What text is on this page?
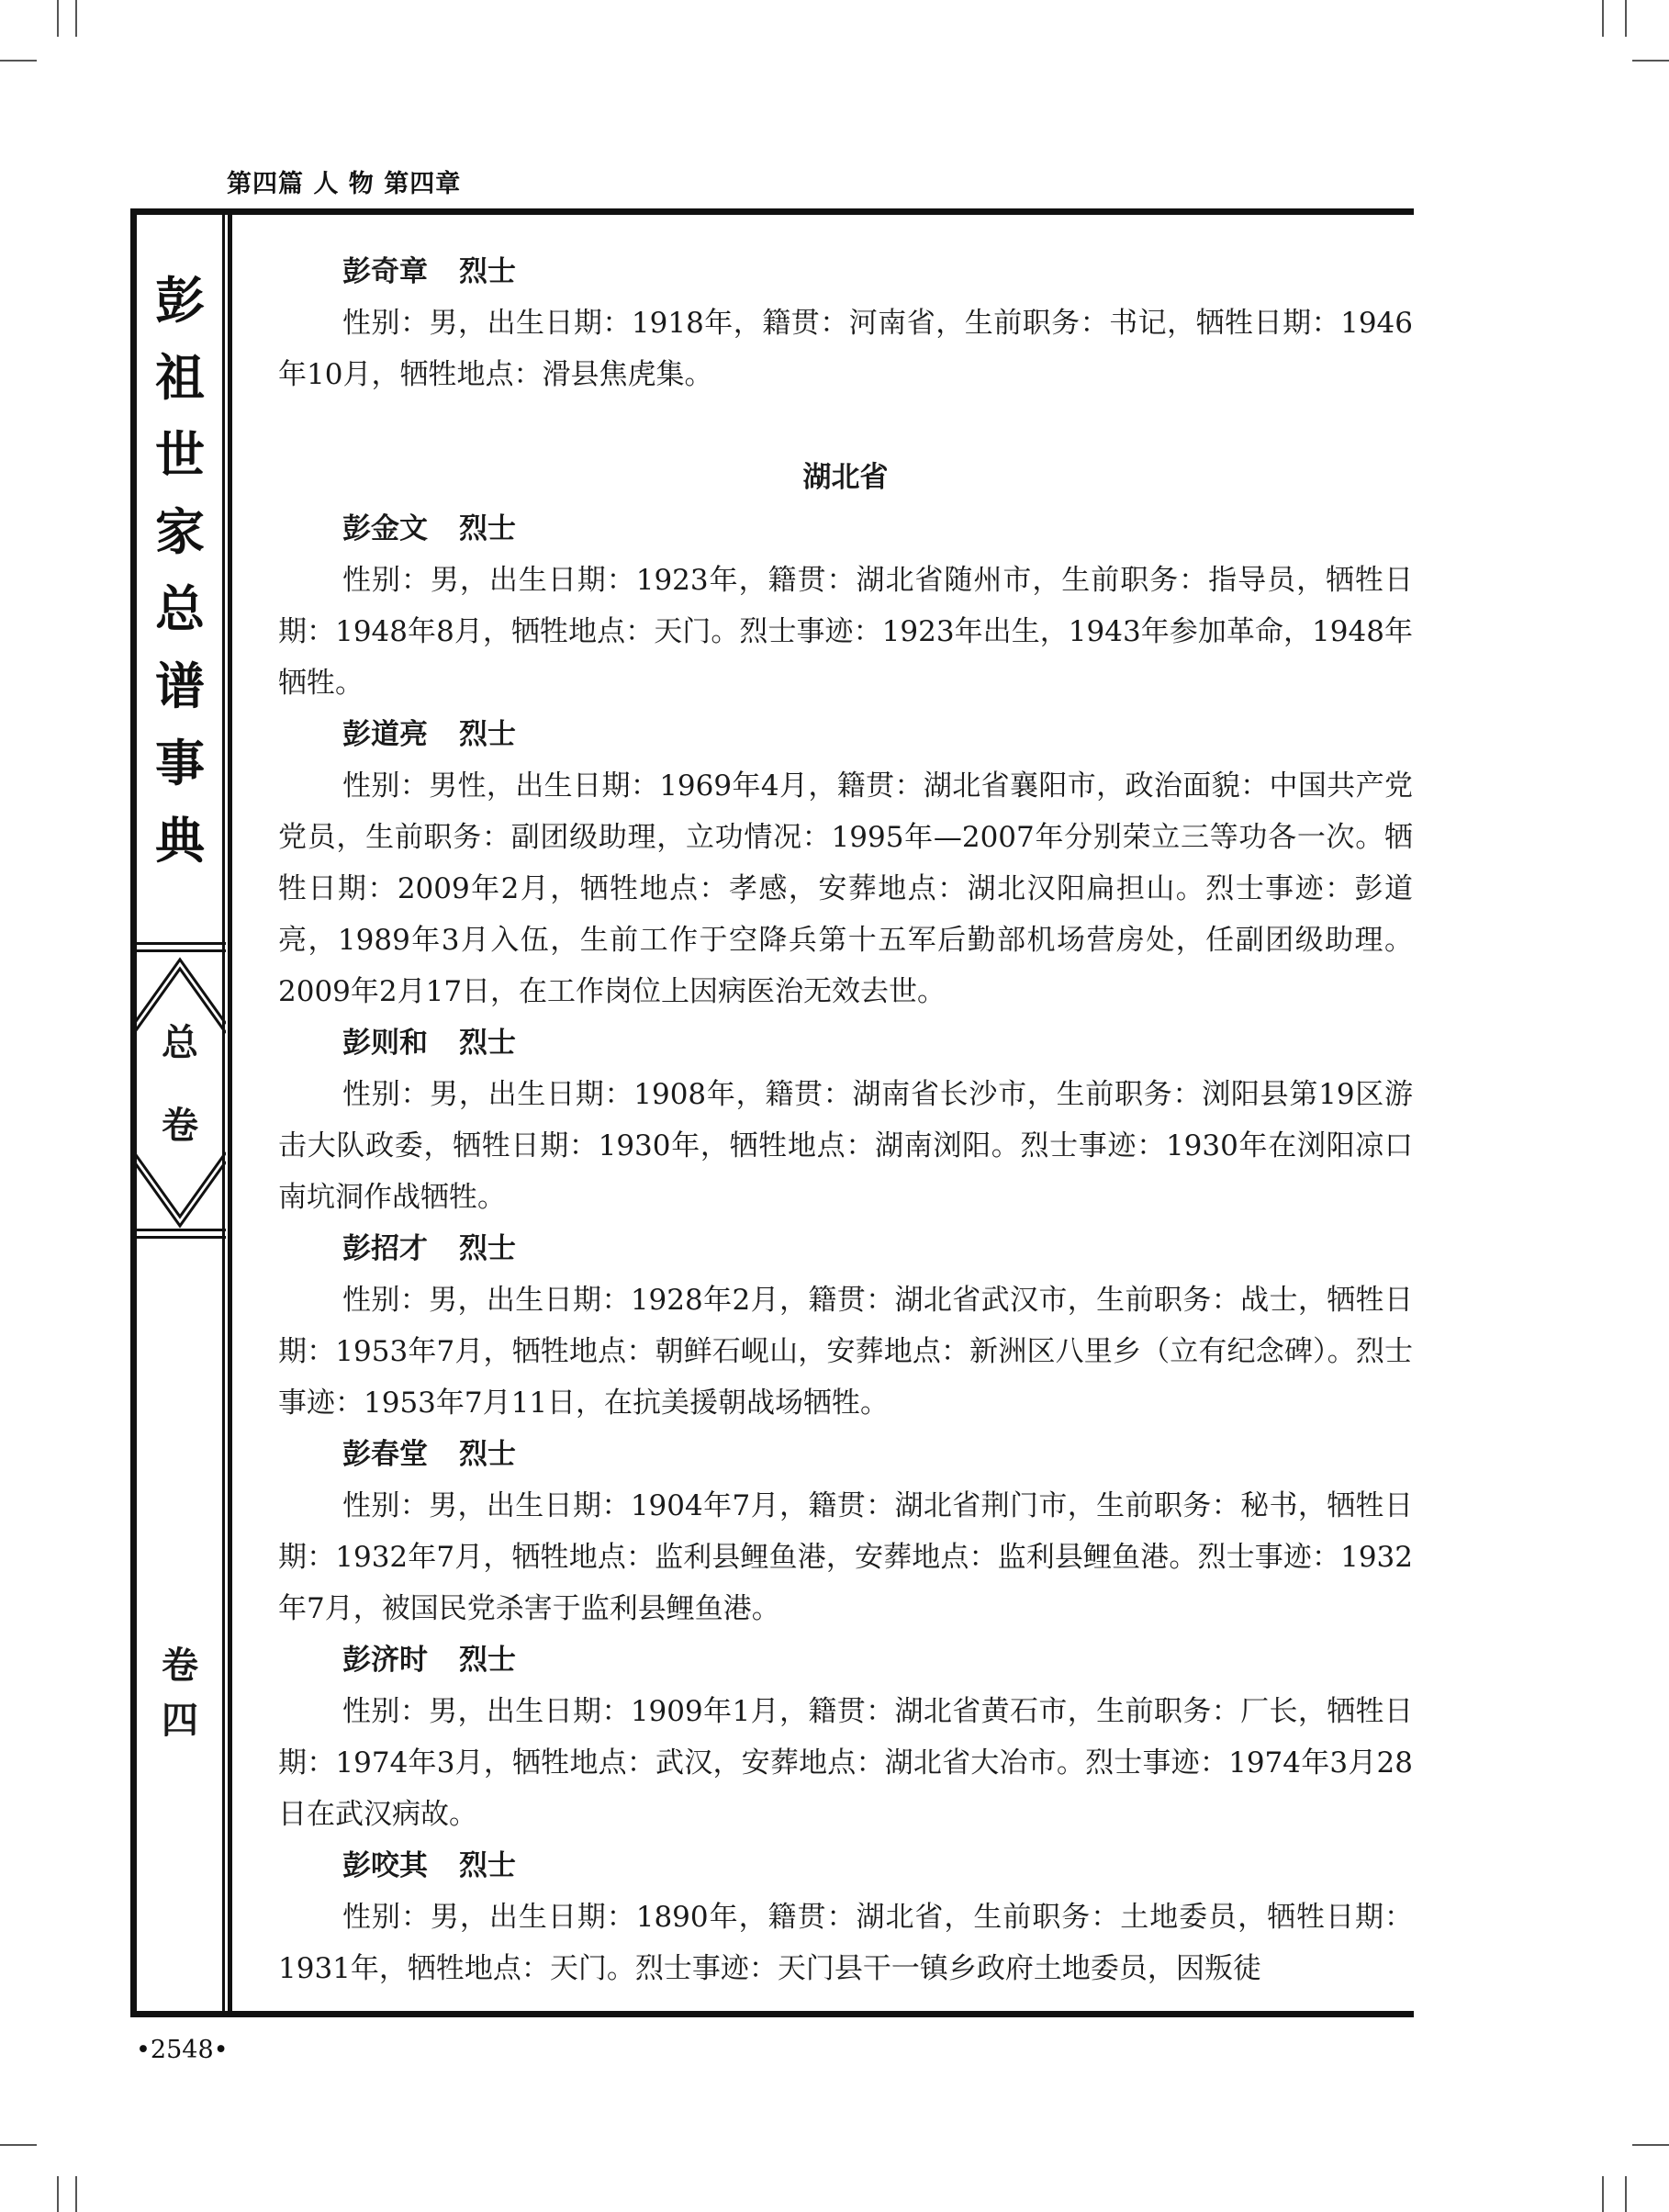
第四篇 人 物 第四章
彭
祖
世
家
总
谱
事
典
总
卷
卷
四
彭奇章 烈士

性别：男，出生日期：1918年，籍贯：河南省，生前职务：书记，牺牲日期：1946年10月，牺牲地点：滑县焦虎集。

湖北省
彭金文 烈士

性别：男，出生日期：1923年，籍贯：湖北省随州市，生前职务：指导员，牺牲日期：1948年8月，牺牲地点：天门。烈士事迹：1923年出生，1943年参加革命，1948年牺牲。

彭道亮 烈士

性别：男性，出生日期：1969年4月，籍贯：湖北省襄阳市，政治面貌：中国共产党党员，生前职务：副团级助理，立功情况：1995年—2007年分别荣立三等功各一次。牺牲日期：2009年2月，牺牲地点：孝感，安葬地点：湖北汉阳扁担山。烈士事迹：彭道亮，1989年3月入伍，生前工作于空降兵第十五军后勤部机场营房处，任副团级助理。2009年2月17日，在工作岗位上因病医治无效去世。

彭则和 烈士

性别：男，出生日期：1908年，籍贯：湖南省长沙市，生前职务：浏阳县第19区游击大队政委，牺牲日期：1930年，牺牲地点：湖南浏阳。烈士事迹：1930年在浏阳凉口南坑洞作战牺牲。

彭招才 烈士

性别：男，出生日期：1928年2月，籍贯：湖北省武汉市，生前职务：战士，牺牲日期：1953年7月，牺牲地点：朝鲜石岘山，安葬地点：新洲区八里乡（立有纪念碑）。烈士事迹：1953年7月11日，在抗美援朝战场牺牲。

彭春堂 烈士

性别：男，出生日期：1904年7月，籍贯：湖北省荆门市，生前职务：秘书，牺牲日期：1932年7月，牺牲地点：监利县鲤鱼港，安葬地点：监利县鲤鱼港。烈士事迹：1932年7月，被国民党杀害于监利县鲤鱼港。

彭济时 烈士

性别：男，出生日期：1909年1月，籍贯：湖北省黄石市，生前职务：厂长，牺牲日期：1974年3月，牺牲地点：武汉，安葬地点：湖北省大冶市。烈士事迹：1974年3月28日在武汉病故。

彭咬其 烈士

性别：男，出生日期：1890年，籍贯：湖北省，生前职务：土地委员，牺牲日期：1931年，牺牲地点：天门。烈士事迹：天门县干一镇乡政府土地委员，因叛徒

•2548•
